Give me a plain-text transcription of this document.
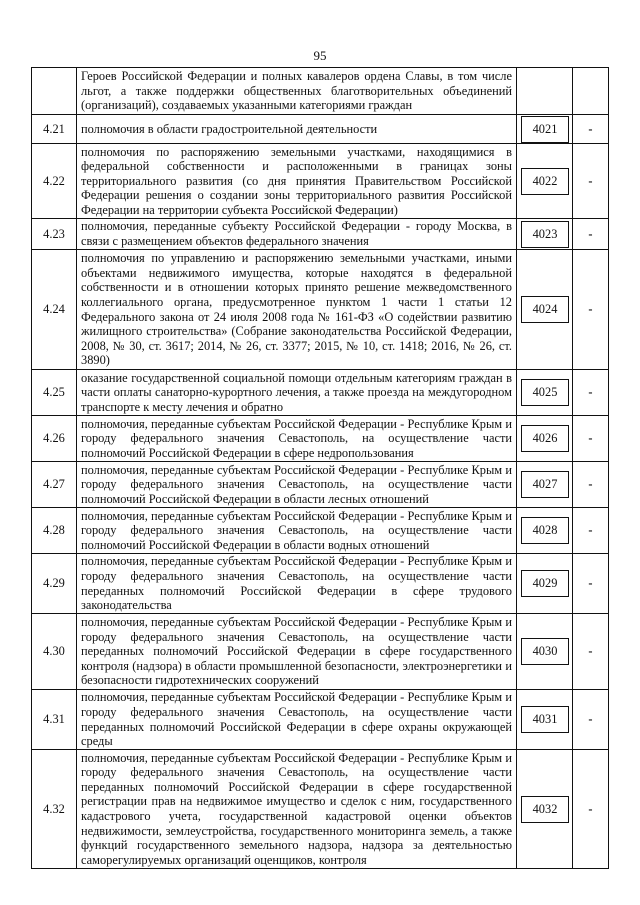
95
	Героев Российской Федерации и полных кавалеров ордена Славы, в том числе льгот, а также поддержки общественных благотворительных объединений (организаций), создаваемых указанными категориями граждан		
4.21	полномочия в области градостроительной деятельности	4021	-
4.22	полномочия по распоряжению земельными участками, находящимися в федеральной собственности и расположенными в границах зоны территориального развития (со дня принятия Правительством Российской Федерации решения о создании зоны территориального развития Российской Федерации на территории субъекта Российской Федерации)	4022	-
4.23	полномочия, переданные субъекту Российской Федерации - городу Москва, в связи с размещением объектов федерального значения	4023	-
4.24	полномочия по управлению и распоряжению земельными участками, иными объектами недвижимого имущества, которые находятся в федеральной собственности и в отношении которых принято решение межведомственного коллегиального органа, предусмотренное пунктом 1 части 1 статьи 12 Федерального закона от 24 июля 2008 года № 161-ФЗ «О содействии развитию жилищного строительства» (Собрание законодательства Российской Федерации, 2008, № 30, ст. 3617; 2014, № 26, ст. 3377; 2015, № 10, ст. 1418; 2016, № 26, ст. 3890)	4024	-
4.25	оказание государственной социальной помощи отдельным категориям граждан в части оплаты санаторно-курортного лечения, а также проезда на междугородном транспорте к месту лечения и обратно	4025	-
4.26	полномочия, переданные субъектам Российской Федерации - Республике Крым и городу федерального значения Севастополь, на осуществление части полномочий Российской Федерации в сфере недропользования	4026	-
4.27	полномочия, переданные субъектам Российской Федерации - Республике Крым и городу федерального значения Севастополь, на осуществление части полномочий Российской Федерации в области лесных отношений	4027	-
4.28	полномочия, переданные субъектам Российской Федерации - Республике Крым и городу федерального значения Севастополь, на осуществление части полномочий Российской Федерации в области водных отношений	4028	-
4.29	полномочия, переданные субъектам Российской Федерации - Республике Крым и городу федерального значения Севастополь, на осуществление части переданных полномочий Российской Федерации в сфере трудового законодательства	4029	-
4.30	полномочия, переданные субъектам Российской Федерации - Республике Крым и городу федерального значения Севастополь, на осуществление части переданных полномочий Российской Федерации в сфере государственного контроля (надзора) в области промышленной безопасности, электроэнергетики и безопасности гидротехнических сооружений	4030	-
4.31	полномочия, переданные субъектам Российской Федерации - Республике Крым и городу федерального значения Севастополь, на осуществление части переданных полномочий Российской Федерации в сфере охраны окружающей среды	4031	-
4.32	полномочия, переданные субъектам Российской Федерации - Республике Крым и городу федерального значения Севастополь, на осуществление части переданных полномочий Российской Федерации в сфере государственной регистрации прав на недвижимое имущество и сделок с ним, государственного кадастрового учета, государственной кадастровой оценки объектов недвижимости, землеустройства, государственного мониторинга земель, а также функций государственного земельного надзора, надзора за деятельностью саморегулируемых организаций оценщиков, контроля	4032	-
